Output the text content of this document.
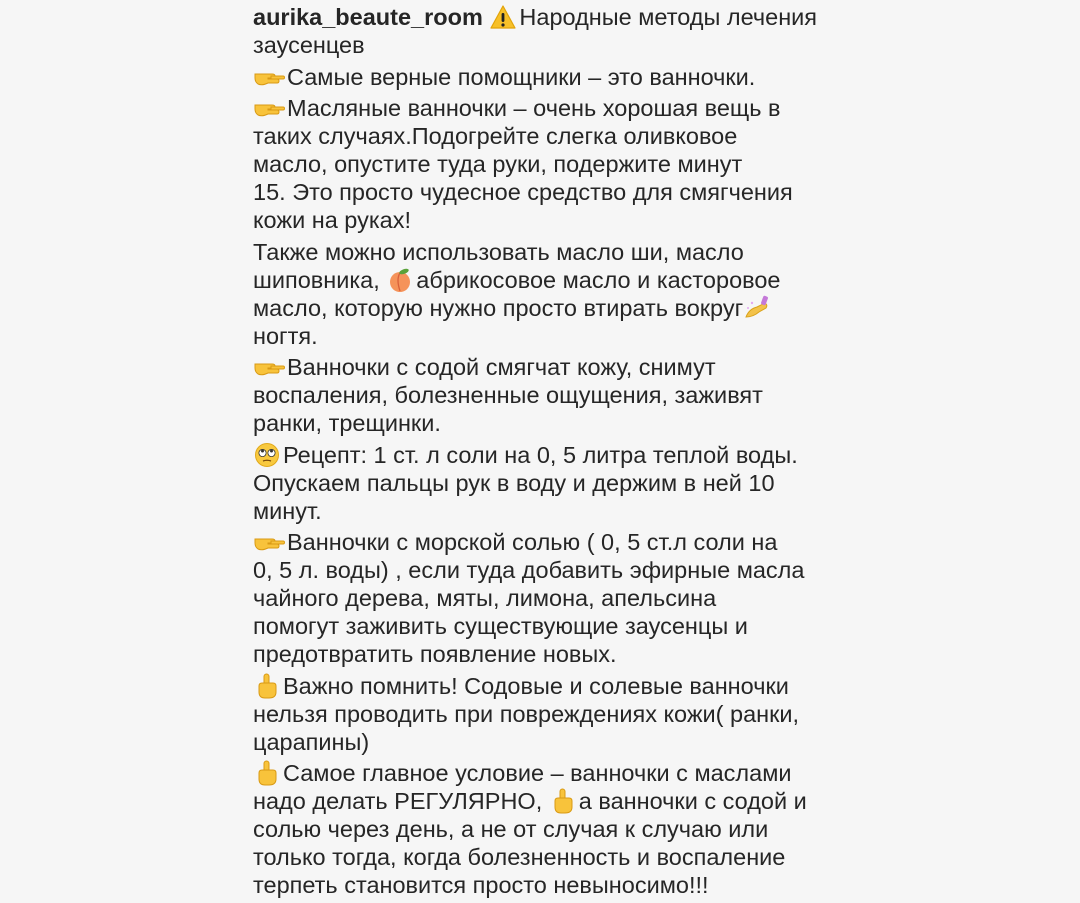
aurika_beaute_room Народные методы лечения
заусенцев
Самые верные помощники – это ванночки.
Масляные ванночки – очень хорошая вещь в
таких случаях.Подогрейте слегка оливковое
масло, опустите туда руки, подержите минут
15. Это просто чудесное средство для смягчения
кожи на руках!
Также можно использовать масло ши, масло
шиповника, абрикосовое масло и касторовое
масло, которую нужно просто втирать вокруг
ногтя.
Ванночки с содой смягчат кожу, снимут
воспаления, болезненные ощущения, заживят
ранки, трещинки.
Рецепт: 1 ст. л соли на 0, 5 литра теплой воды.
Опускаем пальцы рук в воду и держим в ней 10
минут.
Ванночки с морской солью ( 0, 5 ст.л соли на
0, 5 л. воды) , если туда добавить эфирные масла
чайного дерева, мяты, лимона, апельсина
помогут заживить существующие заусенцы и
предотвратить появление новых.
Важно помнить! Содовые и солевые ванночки
нельзя проводить при повреждениях кожи( ранки,
царапины)
Самое главное условие – ванночки с маслами
надо делать РЕГУЛЯРНО, а ванночки с содой и
солью через день, а не от случая к случаю или
только тогда, когда болезненность и воспаление
терпеть становится просто невыносимо!!!
